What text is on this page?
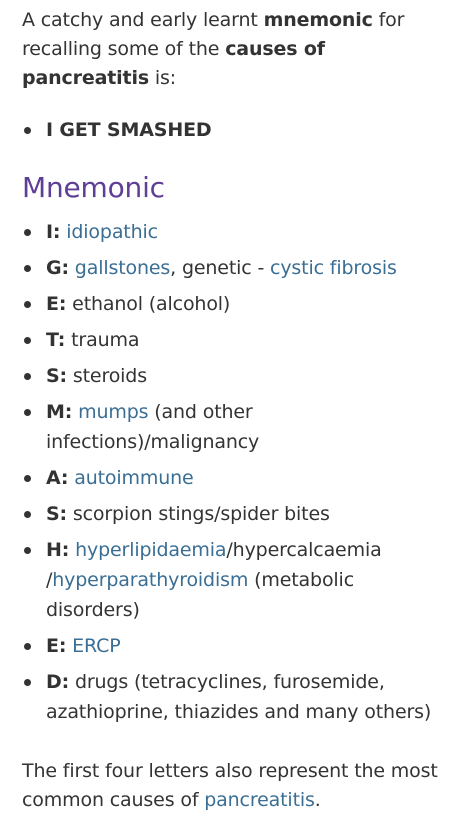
A catchy and early learnt mnemonic for recalling some of the causes of pancreatitis is:

I GET SMASHED
Mnemonic
I: idiopathic
G: gallstones, genetic - cystic fibrosis
E: ethanol (alcohol)
T: trauma
S: steroids
M: mumps (and other infections)/malignancy
A: autoimmune
S: scorpion stings/spider bites
H: hyperlipidaemia/hypercalcaemia /hyperparathyroidism (metabolic disorders)
E: ERCP
D: drugs (tetracyclines, furosemide, azathioprine, thiazides and many others)

The first four letters also represent the most common causes of pancreatitis.
